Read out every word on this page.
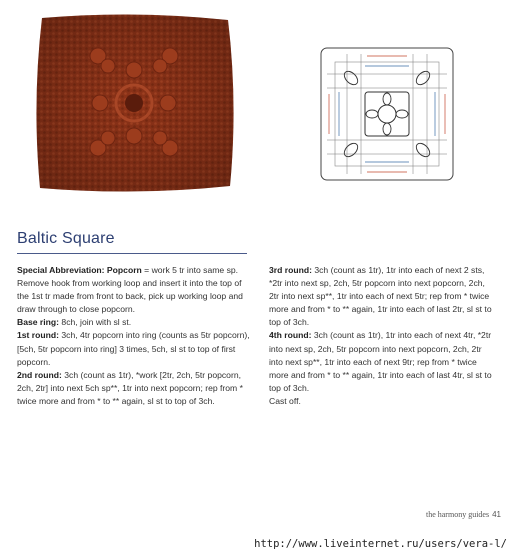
Baltic Square

Special Abbreviation: Popcorn = work 5 tr into same sp. Remove hook from working loop and insert it into the top of the 1st tr made from front to back, pick up working loop and draw through to close popcorn.

Base ring: 8ch, join with sl st.

1st round: 3ch, 4tr popcorn into ring (counts as 5tr popcorn), [5ch, 5tr popcorn into ring] 3 times, 5ch, sl st to top of first popcorn.

2nd round: 3ch (count as 1tr), *work [2tr, 2ch, 5tr popcorn, 2ch, 2tr] into next 5ch sp**, 1tr into next popcorn; rep from * twice more and from * to ** again, sl st to top of 3ch.

3rd round: 3ch (count as 1tr), 1tr into each of next 2 sts, *2tr into next sp, 2ch, 5tr popcorn into next popcorn, 2ch, 2tr into next sp**, 1tr into each of next 5tr; rep from * twice more and from * to ** again, 1tr into each of last 2tr, sl st to top of 3ch.

4th round: 3ch (count as 1tr), 1tr into each of next 4tr, *2tr into next sp, 2ch, 5tr popcorn into next popcorn, 2ch, 2tr into next sp**, 1tr into each of next 9tr; rep from * twice more and from * to ** again, 1tr into each of last 4tr, sl st to top of 3ch.

Cast off.

the harmony guides 41
http://www.liveinternet.ru/users/vera-l/
